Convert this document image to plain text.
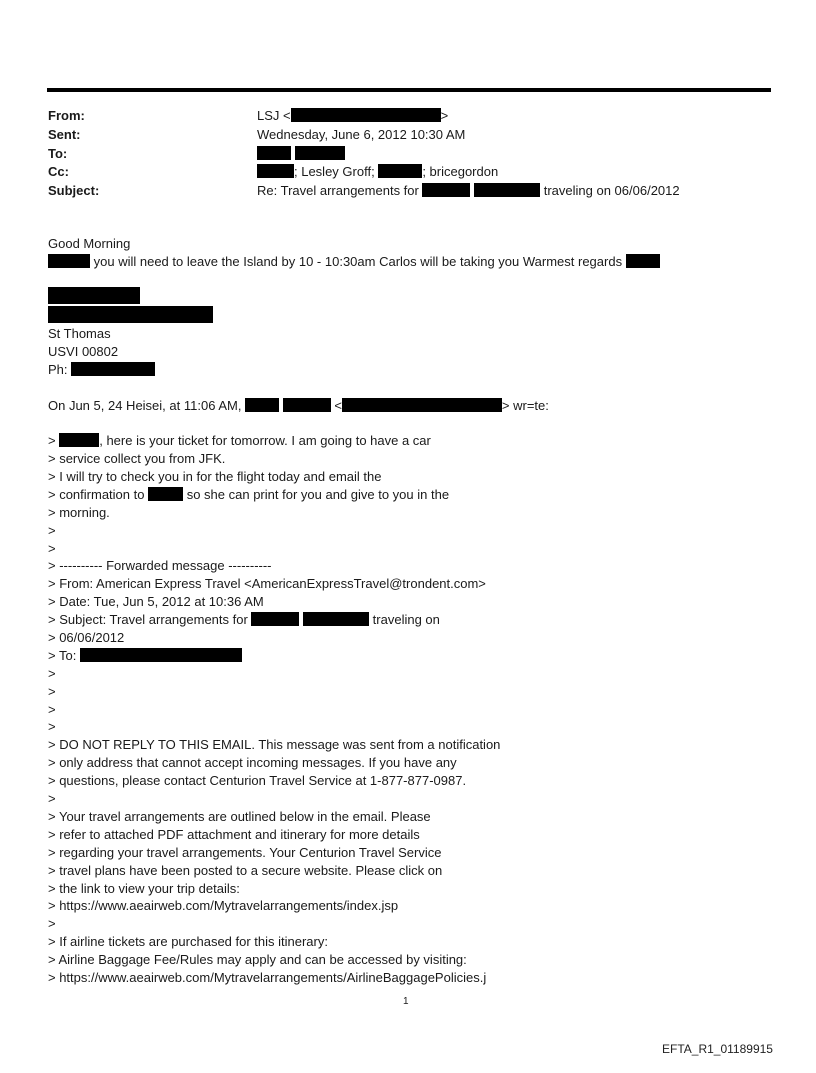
From:	LSJ <	>
Sent:	Wednesday, June 6, 2012 10:30 AM
To:

Cc:	; Lesley Groff;	; bricegordon
Subject:	Re: Travel arrangements for	traveling on 06/06/2012
Good Morning
you will need to leave the Island by 10 - 10:30am Carlos will be taking you Warmest regards
St Thomas
USVI 00802
Ph:
On Jun 5, 24 Heisei, at 11:06 AM,	<	> wr=te:
>	, here is your ticket for tomorrow. I am going to have a car
> service collect you from JFK.
> I will try to check you in for the flight today and email the
> confirmation to	so she can print for you and give to you in the
> morning.
>
>
> ---------- Forwarded message ----------
> From: American Express Travel <AmericanExpressTravel@trondent.com>
> Date: Tue, Jun 5, 2012 at 10:36 AM
> Subject: Travel arrangements for	traveling on
> 06/06/2012
> To:
>
>
>
>
> DO NOT REPLY TO THIS EMAIL. This message was sent from a notification
> only address that cannot accept incoming messages. If you have any
> questions, please contact Centurion Travel Service at 1-877-877-0987.
>
> Your travel arrangements are outlined below in the email. Please
> refer to attached PDF attachment and itinerary for more details
> regarding your travel arrangements. Your Centurion Travel Service
> travel plans have been posted to a secure website. Please click on
> the link to view your trip details:
> https://www.aeairweb.com/Mytravelarrangements/index.jsp
>
> If airline tickets are purchased for this itinerary:
> Airline Baggage Fee/Rules may apply and can be accessed by visiting:
> https://www.aeairweb.com/Mytravelarrangements/AirlineBaggagePolicies.j
1
EFTA_R1_01189915
